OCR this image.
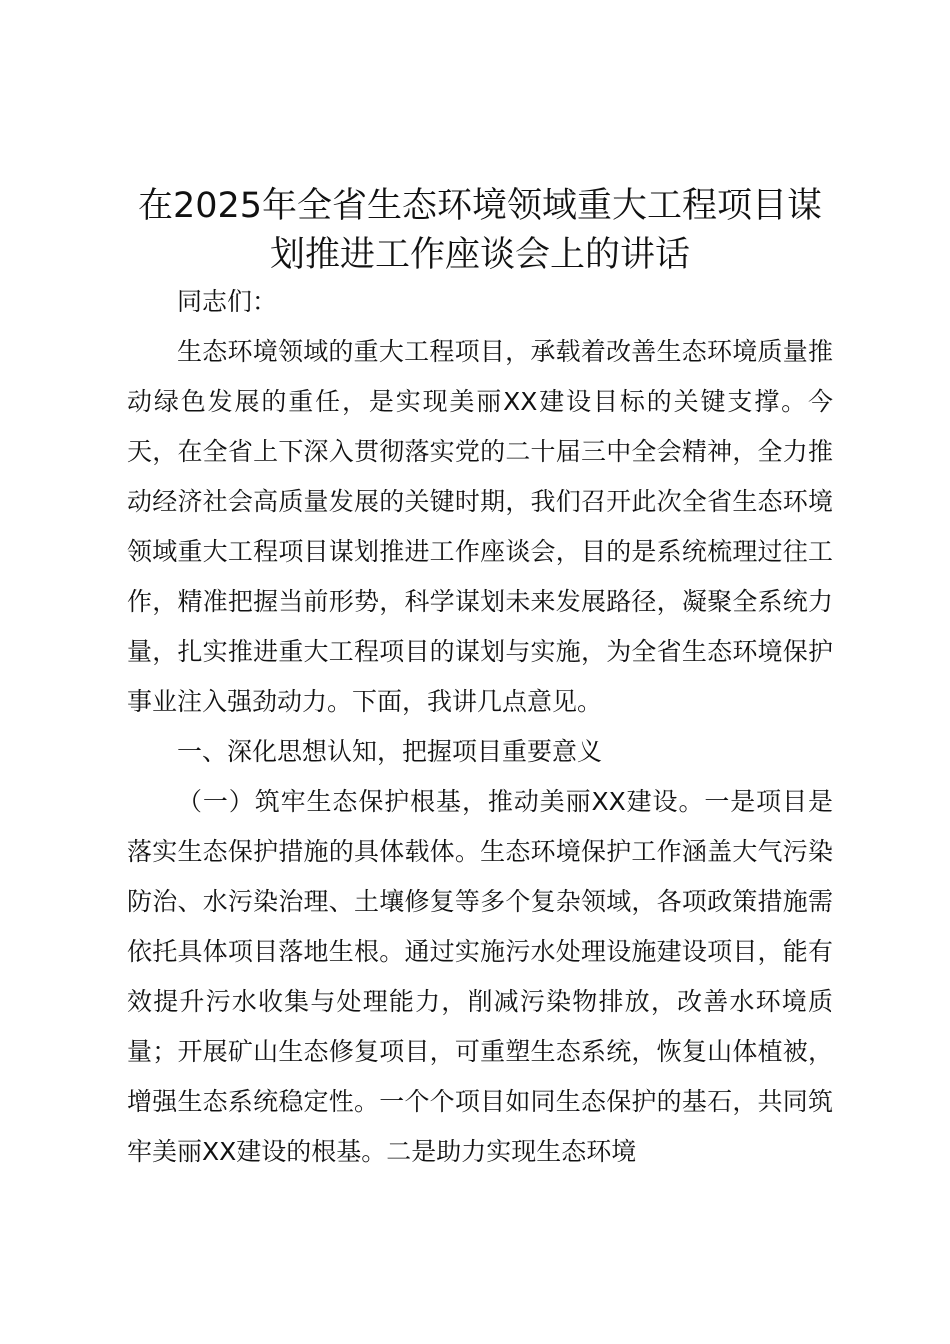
在2025年全省生态环境领域重大工程项目谋划推进工作座谈会上的讲话

同志们：

生态环境领域的重大工程项目，承载着改善生态环境质量推动绿色发展的重任，是实现美丽XX建设目标的关键支撑。今天，在全省上下深入贯彻落实党的二十届三中全会精神，全力推动经济社会高质量发展的关键时期，我们召开此次全省生态环境领域重大工程项目谋划推进工作座谈会，目的是系统梳理过往工作，精准把握当前形势，科学谋划未来发展路径，凝聚全系统力量，扎实推进重大工程项目的谋划与实施，为全省生态环境保护事业注入强劲动力。下面，我讲几点意见。

一、深化思想认知，把握项目重要意义

（一）筑牢生态保护根基，推动美丽XX建设。一是项目是落实生态保护措施的具体载体。生态环境保护工作涵盖大气污染防治、水污染治理、土壤修复等多个复杂领域，各项政策措施需依托具体项目落地生根。通过实施污水处理设施建设项目，能有效提升污水收集与处理能力，削减污染物排放，改善水环境质量；开展矿山生态修复项目，可重塑生态系统，恢复山体植被，增强生态系统稳定性。一个个项目如同生态保护的基石，共同筑牢美丽XX建设的根基。二是助力实现生态环境
